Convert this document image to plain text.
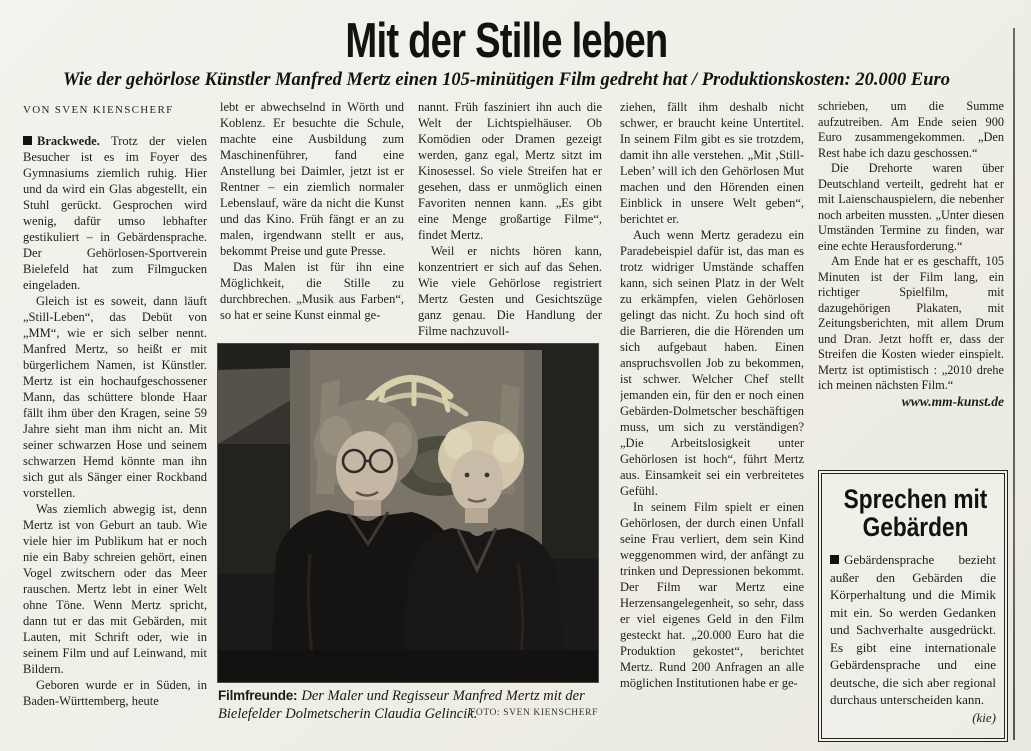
Mit der Stille leben
Wie der gehörlose Künstler Manfred Mertz einen 105-minütigen Film gedreht hat / Produktionskosten: 20.000 Euro
VON SVEN KIENSCHERF

Brackwede. Trotz der vielen Besucher ist es im Foyer des Gymnasiums ziemlich ruhig. Hier und da wird ein Glas abgestellt, ein Stuhl gerückt. Gesprochen wird wenig, dafür umso lebhafter gestikuliert – in Gebärdensprache. Der Gehörlosen-Sportverein Bielefeld hat zum Filmgucken eingeladen.

Gleich ist es soweit, dann läuft „Still-Leben“, das Debüt von „MM“, wie er sich selber nennt. Manfred Mertz, so heißt er mit bürgerlichem Namen, ist Künstler. Mertz ist ein hochaufgeschossener Mann, das schüttere blonde Haar fällt ihm über den Kragen, seine 59 Jahre sieht man ihm nicht an. Mit seiner schwarzen Hose und seinem schwarzen Hemd könnte man ihn sich gut als Sänger einer Rockband vorstellen.

Was ziemlich abwegig ist, denn Mertz ist von Geburt an taub. Wie viele hier im Publikum hat er noch nie ein Baby schreien gehört, einen Vogel zwitschern oder das Meer rauschen. Mertz lebt in einer Welt ohne Töne. Wenn Mertz spricht, dann tut er das mit Gebärden, mit Lauten, mit Schrift oder, wie in seinem Film und auf Leinwand, mit Bildern.

Geboren wurde er in Süden, in Baden-Württemberg, heute

lebt er abwechselnd in Wörth und Koblenz. Er besuchte die Schule, machte eine Ausbildung zum Maschinenführer, fand eine Anstellung bei Daimler, jetzt ist er Rentner – ein ziemlich normaler Lebenslauf, wäre da nicht die Kunst und das Kino. Früh fängt er an zu malen, irgendwann stellt er aus, bekommt Preise und gute Presse.

Das Malen ist für ihn eine Möglichkeit, die Stille zu durchbrechen. „Musik aus Farben“, so hat er seine Kunst einmal ge-

nannt. Früh fasziniert ihn auch die Welt der Lichtspielhäuser. Ob Komödien oder Dramen gezeigt werden, ganz egal, Mertz sitzt im Kinosessel. So viele Streifen hat er gesehen, dass er unmöglich einen Favoriten nennen kann. „Es gibt eine Menge großartige Filme“, findet Mertz.

Weil er nichts hören kann, konzentriert er sich auf das Sehen. Wie viele Gehörlose registriert Mertz Gesten und Gesichtszüge ganz genau. Die Handlung der Filme nachzuvoll-

ziehen, fällt ihm deshalb nicht schwer, er braucht keine Untertitel. In seinem Film gibt es sie trotzdem, damit ihn alle verstehen. „Mit ‚Still-Leben’ will ich den Gehörlosen Mut machen und den Hörenden einen Einblick in unsere Welt geben“, berichtet er.

Auch wenn Mertz geradezu ein Paradebeispiel dafür ist, das man es trotz widriger Umstände schaffen kann, sich seinen Platz in der Welt zu erkämpfen, vielen Gehörlosen gelingt das nicht. Zu hoch sind oft die Barrieren, die die Hörenden um sich aufgebaut haben. Einen anspruchsvollen Job zu bekommen, ist schwer. Welcher Chef stellt jemanden ein, für den er noch einen Gebärden-Dolmetscher beschäftigen muss, um sich zu verständigen? „Die Arbeitslosigkeit unter Gehörlosen ist hoch“, führt Mertz aus. Einsamkeit sei ein verbreitetes Gefühl.

In seinem Film spielt er einen Gehörlosen, der durch einen Unfall seine Frau verliert, dem sein Kind weggenommen wird, der anfängt zu trinken und Depressionen bekommt. Der Film war Mertz eine Herzensangelegenheit, so sehr, dass er viel eigenes Geld in den Film gesteckt hat. „20.000 Euro hat die Produktion gekostet“, berichtet Mertz. Rund 200 Anfragen an alle möglichen Institutionen habe er ge-

schrieben, um die Summe aufzutreiben. Am Ende seien 900 Euro zusammengekommen. „Den Rest habe ich dazu geschossen.“

Die Drehorte waren über Deutschland verteilt, gedreht hat er mit Laienschauspielern, die nebenher noch arbeiten mussten. „Unter diesen Umständen Termine zu finden, war eine echte Herausforderung.“

Am Ende hat er es geschafft, 105 Minuten ist der Film lang, ein richtiger Spielfilm, mit dazugehörigen Plakaten, mit Zeitungsberichten, mit allem Drum und Dran. Jetzt hofft er, dass der Streifen die Kosten wieder einspielt. Mertz ist optimistisch : „2010 drehe ich meinen nächsten Film.“

www.mm-kunst.de

Filmfreunde: Der Maler und Regisseur Manfred Mertz mit der Bielefelder Dolmetscherin Claudia Gelincik.
FOTO: SVEN KIENSCHERF
Sprechen mit
Gebärden
Gebärdensprache bezieht außer den Gebärden die Körperhaltung und die Mimik mit ein. So werden Gedanken und Sachverhalte ausgedrückt. Es gibt eine internationale Gebärdensprache und eine deutsche, die sich aber regional durchaus unterscheiden kann.
(kie)
